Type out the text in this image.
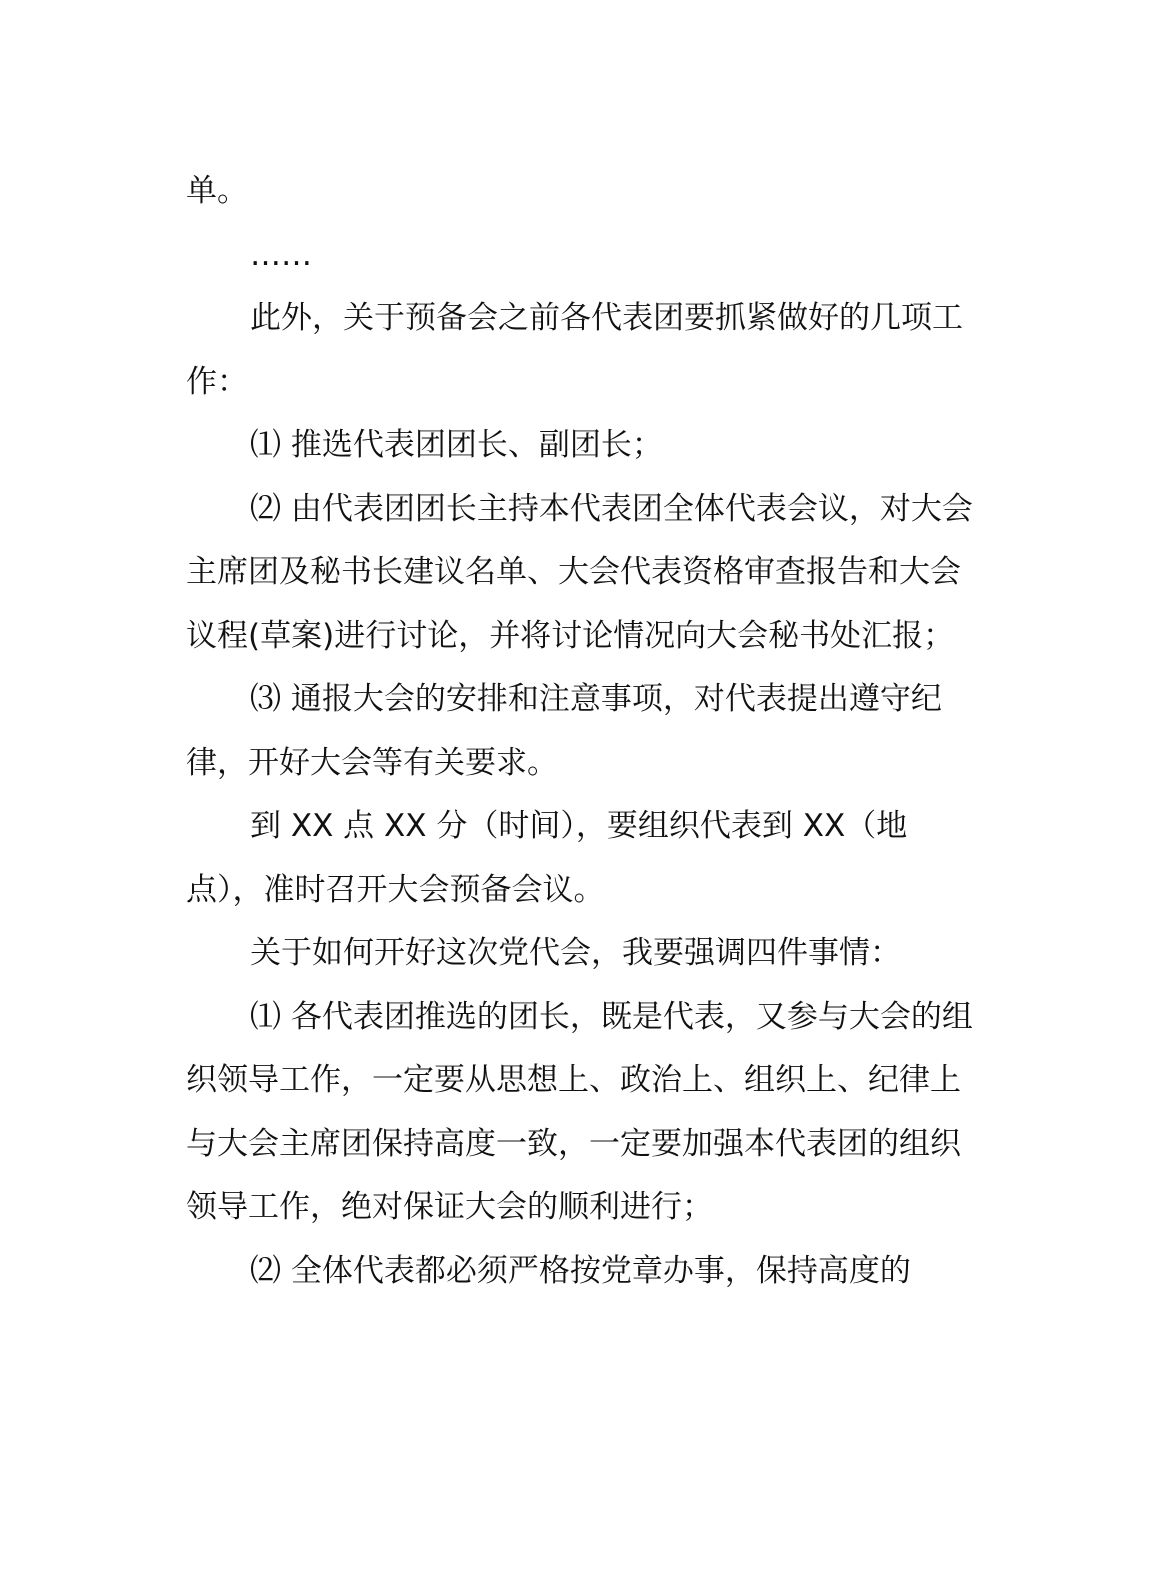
单。

……

此外，关于预备会之前各代表团要抓紧做好的几项工作：

⑴ 推选代表团团长、副团长；

⑵ 由代表团团长主持本代表团全体代表会议，对大会主席团及秘书长建议名单、大会代表资格审查报告和大会议程(草案)进行讨论，并将讨论情况向大会秘书处汇报；

⑶ 通报大会的安排和注意事项，对代表提出遵守纪律，开好大会等有关要求。

到 XX 点 XX 分（时间），要组织代表到 XX（地点），准时召开大会预备会议。

关于如何开好这次党代会，我要强调四件事情：

⑴ 各代表团推选的团长，既是代表，又参与大会的组织领导工作，一定要从思想上、政治上、组织上、纪律上与大会主席团保持高度一致，一定要加强本代表团的组织领导工作，绝对保证大会的顺利进行；

⑵ 全体代表都必须严格按党章办事，保持高度的
